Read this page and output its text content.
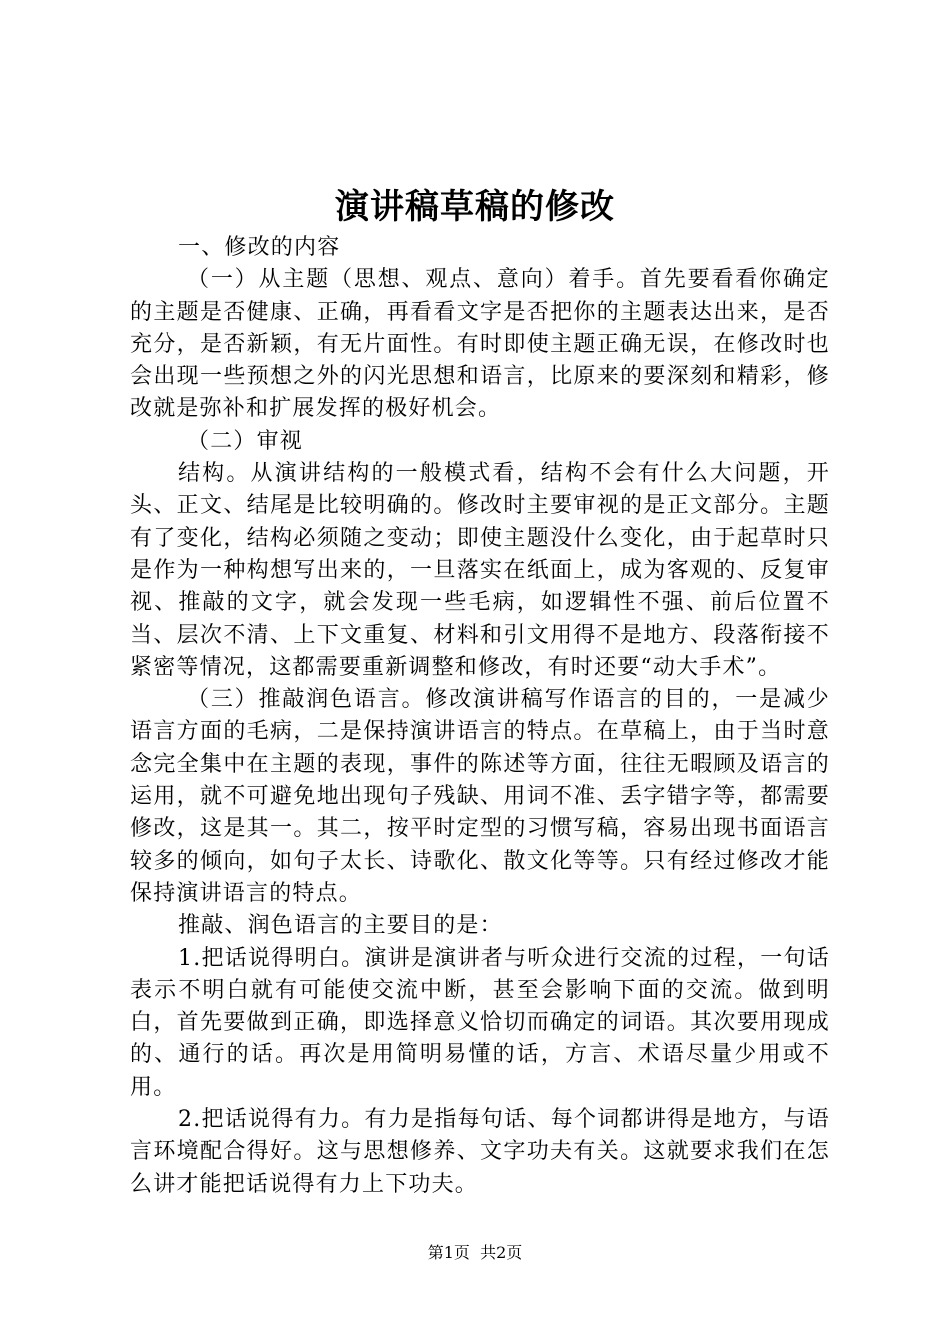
演讲稿草稿的修改

一、修改的内容

（一）从主题（思想、观点、意向）着手。首先要看看你确定的主题是否健康、正确，再看看文字是否把你的主题表达出来，是否充分，是否新颖，有无片面性。有时即使主题正确无误，在修改时也会出现一些预想之外的闪光思想和语言，比原来的要深刻和精彩，修改就是弥补和扩展发挥的极好机会。

（二）审视

结构。从演讲结构的一般模式看，结构不会有什么大问题，开头、正文、结尾是比较明确的。修改时主要审视的是正文部分。主题有了变化，结构必须随之变动；即使主题没什么变化，由于起草时只是作为一种构想写出来的，一旦落实在纸面上，成为客观的、反复审视、推敲的文字，就会发现一些毛病，如逻辑性不强、前后位置不当、层次不清、上下文重复、材料和引文用得不是地方、段落衔接不紧密等情况，这都需要重新调整和修改，有时还要“动大手术”。

（三）推敲润色语言。修改演讲稿写作语言的目的，一是减少语言方面的毛病，二是保持演讲语言的特点。在草稿上，由于当时意念完全集中在主题的表现，事件的陈述等方面，往往无暇顾及语言的运用，就不可避免地出现句子残缺、用词不准、丢字错字等，都需要修改，这是其一。其二，按平时定型的习惯写稿，容易出现书面语言较多的倾向，如句子太长、诗歌化、散文化等等。只有经过修改才能保持演讲语言的特点。

推敲、润色语言的主要目的是：

1.把话说得明白。演讲是演讲者与听众进行交流的过程，一句话表示不明白就有可能使交流中断，甚至会影响下面的交流。做到明白，首先要做到正确，即选择意义恰切而确定的词语。其次要用现成的、通行的话。再次是用简明易懂的话，方言、术语尽量少用或不用。

2.把话说得有力。有力是指每句话、每个词都讲得是地方，与语言环境配合得好。这与思想修养、文字功夫有关。这就要求我们在怎么讲才能把话说得有力上下功夫。

第1页  共2页
